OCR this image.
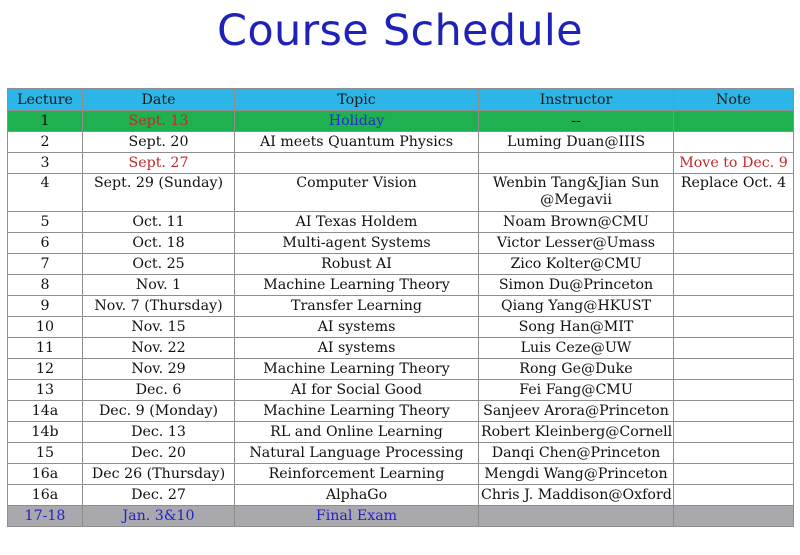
Course Schedule
Lecture	Date	Topic	Instructor	Note
1	Sept. 13	Holiday	--	
2	Sept. 20	AI meets Quantum Physics	Luming Duan@IIIS	
3	Sept. 27			Move to Dec. 9
4	Sept. 29 (Sunday)	Computer Vision	Wenbin Tang&Jian Sun @Megavii	Replace Oct. 4
5	Oct. 11	AI Texas Holdem	Noam Brown@CMU	
6	Oct. 18	Multi-agent Systems	Victor Lesser@Umass	
7	Oct. 25	Robust AI	Zico Kolter@CMU	
8	Nov. 1	Machine Learning Theory	Simon Du@Princeton	
9	Nov. 7 (Thursday)	Transfer Learning	Qiang Yang@HKUST	
10	Nov. 15	AI systems	Song Han@MIT	
11	Nov. 22	AI systems	Luis Ceze@UW	
12	Nov. 29	Machine Learning Theory	Rong Ge@Duke	
13	Dec. 6	AI for Social Good	Fei Fang@CMU	
14a	Dec. 9 (Monday)	Machine Learning Theory	Sanjeev Arora@Princeton	
14b	Dec. 13	RL and Online Learning	Robert Kleinberg@Cornell	
15	Dec. 20	Natural Language Processing	Danqi Chen@Princeton	
16a	Dec 26 (Thursday)	Reinforcement Learning	Mengdi Wang@Princeton	
16a	Dec. 27	AlphaGo	Chris J. Maddison@Oxford	
17-18	Jan. 3&10	Final Exam		
